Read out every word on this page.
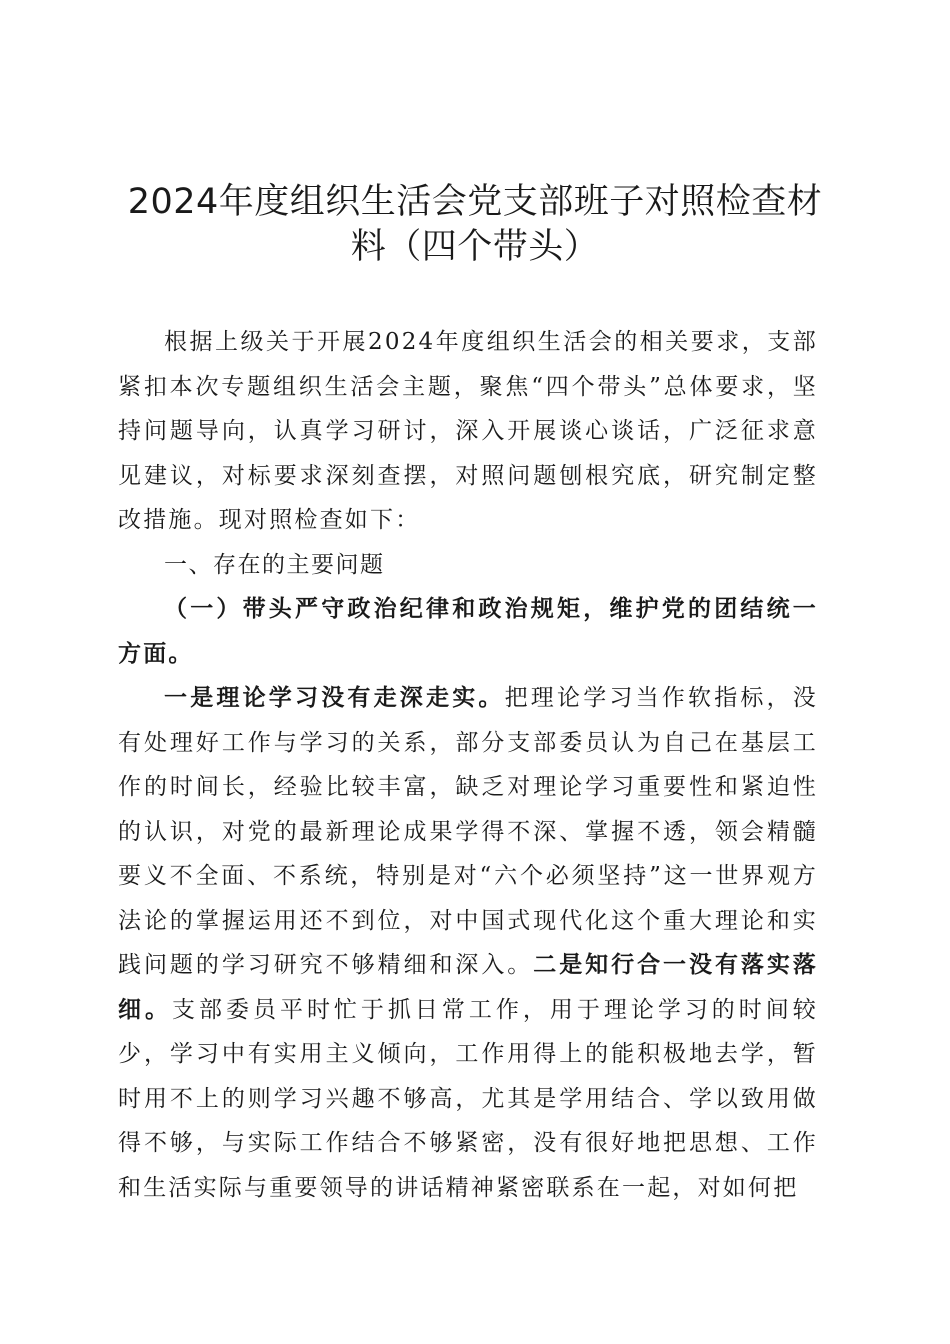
2024年度组织生活会党支部班子对照检查材料（四个带头）

根据上级关于开展2024年度组织生活会的相关要求，支部紧扣本次专题组织生活会主题，聚焦“四个带头”总体要求，坚持问题导向，认真学习研讨，深入开展谈心谈话，广泛征求意见建议，对标要求深刻查摆，对照问题刨根究底，研究制定整改措施。现对照检查如下：

一、存在的主要问题

（一）带头严守政治纪律和政治规矩，维护党的团结统一方面。

一是理论学习没有走深走实。把理论学习当作软指标，没有处理好工作与学习的关系，部分支部委员认为自己在基层工作的时间长，经验比较丰富，缺乏对理论学习重要性和紧迫性的认识，对党的最新理论成果学得不深、掌握不透，领会精髓要义不全面、不系统，特别是对“六个必须坚持”这一世界观方法论的掌握运用还不到位，对中国式现代化这个重大理论和实践问题的学习研究不够精细和深入。二是知行合一没有落实落细。支部委员平时忙于抓日常工作，用于理论学习的时间较少，学习中有实用主义倾向，工作用得上的能积极地去学，暂时用不上的则学习兴趣不够高，尤其是学用结合、学以致用做得不够，与实际工作结合不够紧密，没有很好地把思想、工作和生活实际与重要领导的讲话精神紧密联系在一起，对如何把
